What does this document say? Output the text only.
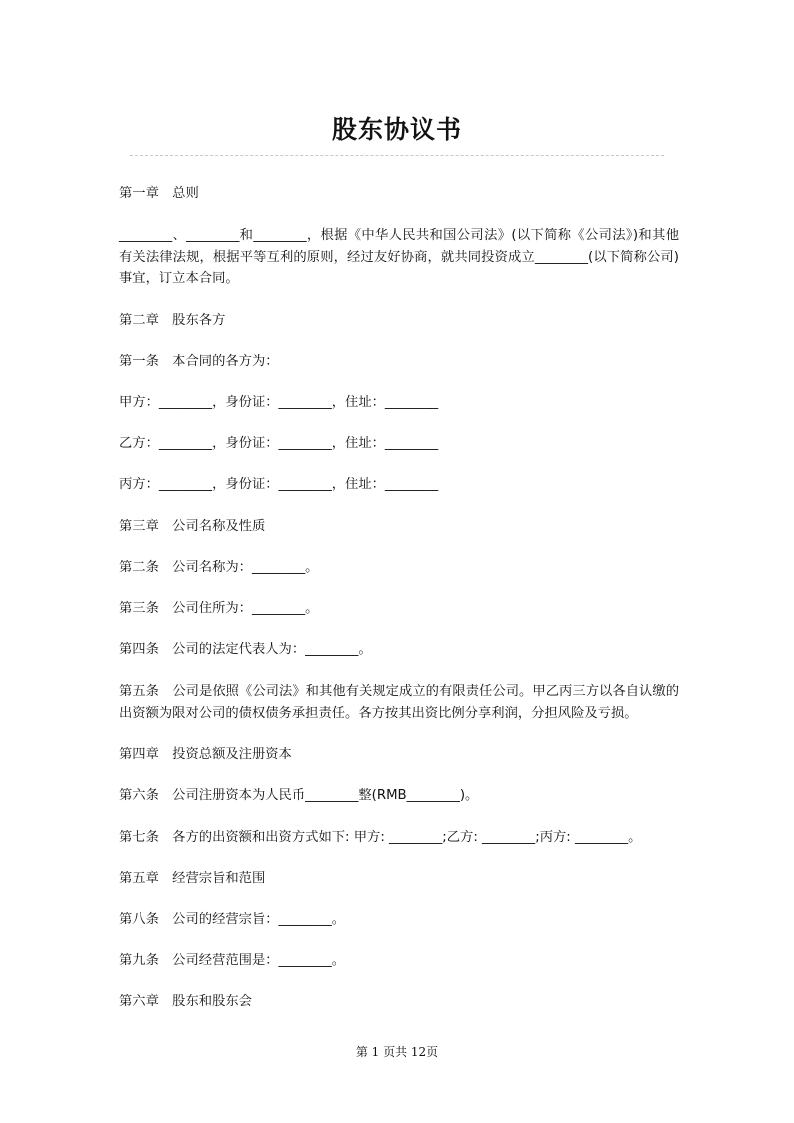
股东协议书
第一章　总则
________、________和________，根据《中华人民共和国公司法》(以下简称《公司法》)和其他有关法律法规，根据平等互利的原则，经过友好协商，就共同投资成立________(以下简称公司)事宜，订立本合同。
第二章　股东各方
第一条　本合同的各方为：
甲方：________，身份证：________，住址：________
乙方：________，身份证：________，住址：________
丙方：________，身份证：________，住址：________
第三章　公司名称及性质
第二条　公司名称为：________。
第三条　公司住所为：________。
第四条　公司的法定代表人为：________。
第五条　公司是依照《公司法》和其他有关规定成立的有限责任公司。甲乙丙三方以各自认缴的出资额为限对公司的债权债务承担责任。各方按其出资比例分享利润，分担风险及亏损。
第四章　投资总额及注册资本
第六条　公司注册资本为人民币________整(RMB________)。
第七条　各方的出资额和出资方式如下: 甲方: ________;乙方: ________;丙方: ________。
第五章　经营宗旨和范围
第八条　公司的经营宗旨：________。
第九条　公司经营范围是：________。
第六章　股东和股东会
第 1 页共 12页
